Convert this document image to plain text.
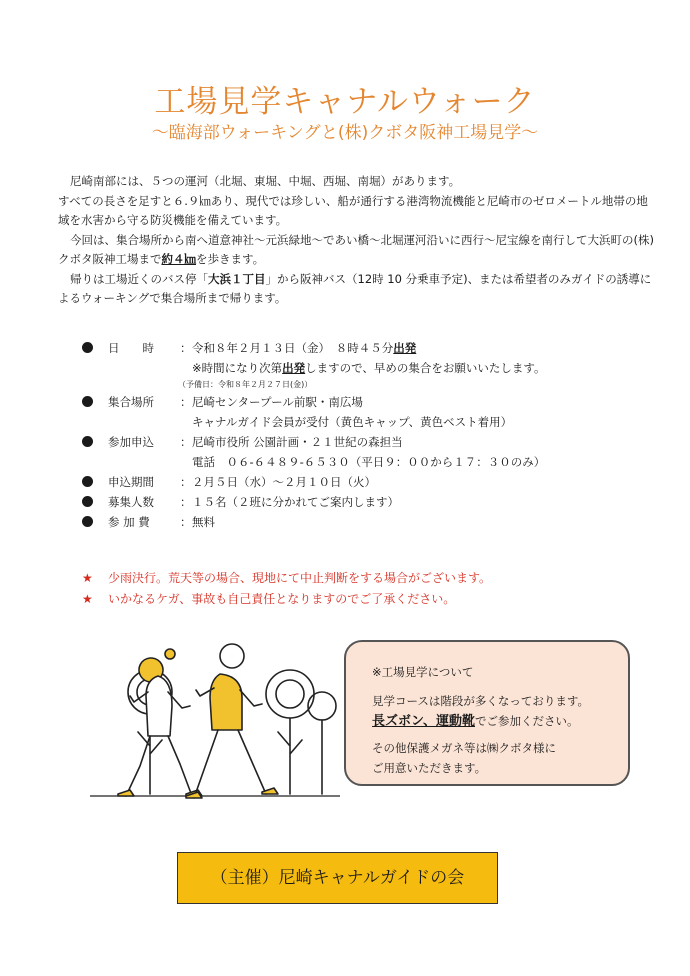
工場見学キャナルウォーク
～臨海部ウォーキングと(株)クボタ阪神工場見学～

尼崎南部には、５つの運河（北堀、東堀、中堀、西堀、南堀）があります。

すべての長さを足すと６.９㎞あり、現代では珍しい、船が通行する港湾物流機能と尼崎市のゼロメートル地帯の地域を水害から守る防災機能を備えています。

今回は、集合場所から南へ道意神社～元浜緑地～であい橋～北堀運河沿いに西行～尼宝線を南行して大浜町の(株)クボタ阪神工場まで約４㎞を歩きます。

帰りは工場近くのバス停「大浜１丁目」から阪神バス（12時 10 分乗車予定)、または希望者のみガイドの誘導によるウォーキングで集合場所まで帰ります。

日　　時	： 令和８年２月１３日（金）　８時４５分出発
※時間になり次第出発しますので、早めの集合をお願いいたします。
（予備日：令和８年２月２７日(金)）
集合場所	： 尼崎センタープール前駅・南広場
キャナルガイド会員が受付（黄色キャップ、黄色ベスト着用）
参加申込	： 尼崎市役所 公園計画・２１世紀の森担当
電話　０６-６４８９-６５３０（平日９：００から１７：３０のみ）
申込期間	： ２月５日（水）～２月１０日（火）
募集人数	： １５名（２班に分かれてご案内します）
参 加 費	： 無料
★ 少雨決行。荒天等の場合、現地にて中止判断をする場合がございます。
★ いかなるケガ、事故も自己責任となりますのでご了承ください。

※工場見学について

見学コースは階段が多くなっております。

長ズボン、運動靴でご参加ください。

その他保護メガネ等は㈱クボタ様に

ご用意いただきます。

（主催）尼崎キャナルガイドの会
